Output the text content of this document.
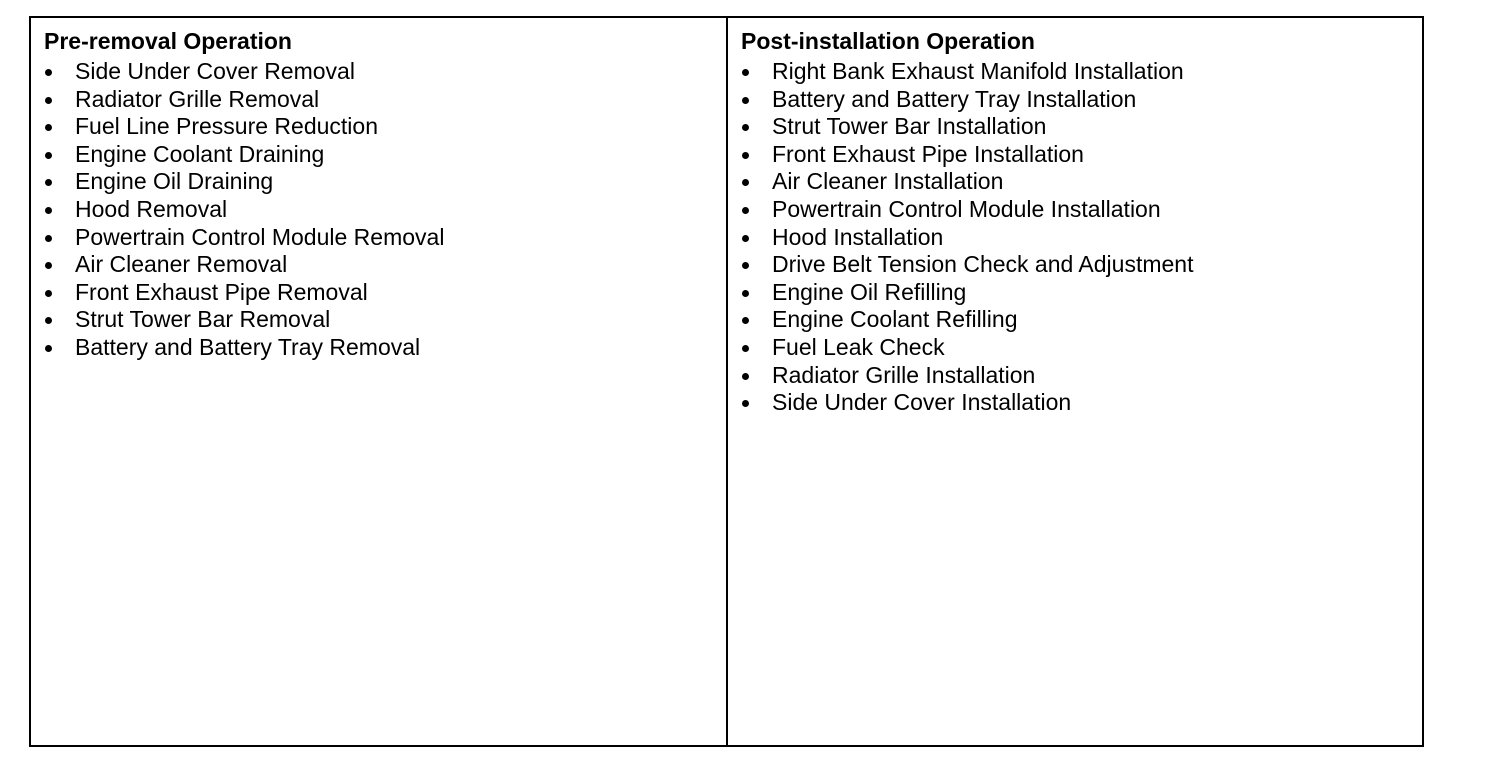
Pre-removal Operation
Side Under Cover Removal
Radiator Grille Removal
Fuel Line Pressure Reduction
Engine Coolant Draining
Engine Oil Draining
Hood Removal
Powertrain Control Module Removal
Air Cleaner Removal
Front Exhaust Pipe Removal
Strut Tower Bar Removal
Battery and Battery Tray Removal
Post-installation Operation
Right Bank Exhaust Manifold Installation
Battery and Battery Tray Installation
Strut Tower Bar Installation
Front Exhaust Pipe Installation
Air Cleaner Installation
Powertrain Control Module Installation
Hood Installation
Drive Belt Tension Check and Adjustment
Engine Oil Refilling
Engine Coolant Refilling
Fuel Leak Check
Radiator Grille Installation
Side Under Cover Installation
